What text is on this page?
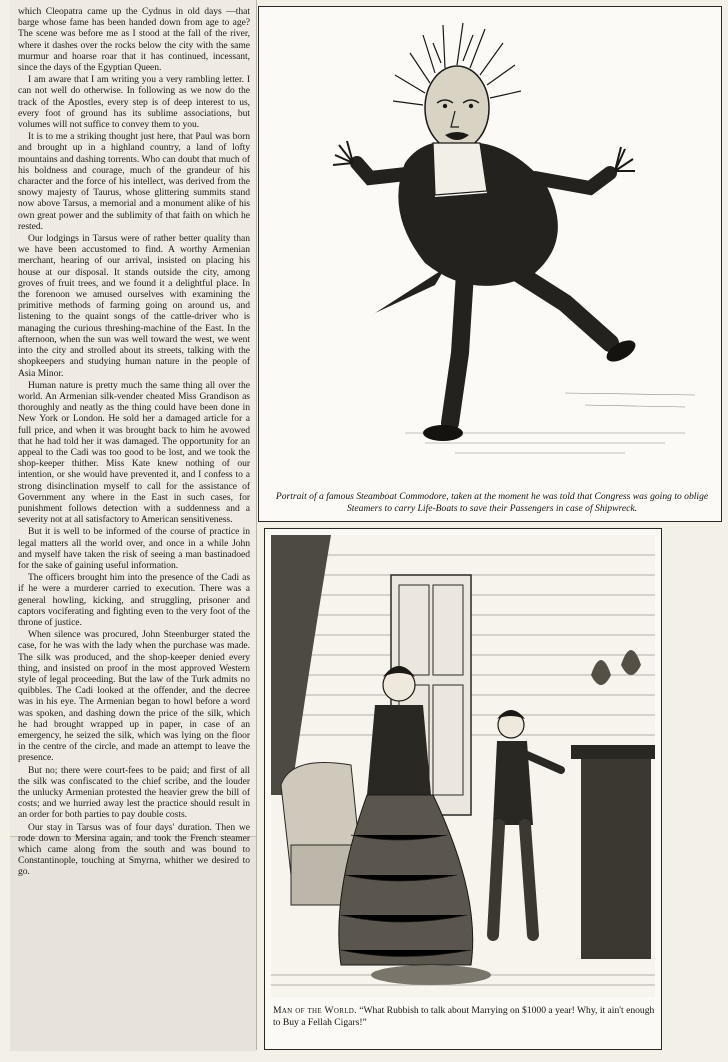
which Cleopatra came up the Cydnus in old days —that barge whose fame has been handed down from age to age? The scene was before me as I stood at the fall of the river, where it dashes over the rocks below the city with the same murmur and hoarse roar that it has continued, incessant, since the days of the Egyptian Queen.

I am aware that I am writing you a very rambling letter. I can not well do otherwise. In following as we now do the track of the Apostles, every step is of deep interest to us, every foot of ground has its sublime associations, but volumes will not suffice to convey them to you.

It is to me a striking thought just here, that Paul was born and brought up in a highland country, a land of lofty mountains and dashing torrents. Who can doubt that much of his boldness and courage, much of the grandeur of his character and the force of his intellect, was derived from the snowy majesty of Taurus, whose glittering summits stand now above Tarsus, a memorial and a monument alike of his own great power and the sublimity of that faith on which he rested.

Our lodgings in Tarsus were of rather better quality than we have been accustomed to find. A worthy Armenian merchant, hearing of our arrival, insisted on placing his house at our disposal. It stands outside the city, among groves of fruit trees, and we found it a delightful place. In the forenoon we amused ourselves with examining the primitive methods of farming going on around us, and listening to the quaint songs of the cattle-driver who is managing the curious threshing-machine of the East. In the afternoon, when the sun was well toward the west, we went into the city and strolled about its streets, talking with the shopkeepers and studying human nature in the people of Asia Minor.

Human nature is pretty much the same thing all over the world. An Armenian silk-vender cheated Miss Grandison as thoroughly and neatly as the thing could have been done in New York or London. He sold her a damaged article for a full price, and when it was brought back to him he avowed that he had told her it was damaged. The opportunity for an appeal to the Cadi was too good to be lost, and we took the shop-keeper thither. Miss Kate knew nothing of our intention, or she would have prevented it, and I confess to a strong disinclination myself to call for the assistance of Government any where in the East in such cases, for punishment follows detection with a suddenness and a severity not at all satisfactory to American sensitiveness.

But it is well to be informed of the course of practice in legal matters all the world over, and once in a while John and myself have taken the risk of seeing a man bastinadoed for the sake of gaining useful information.

The officers brought him into the presence of the Cadi as if he were a murderer carried to execution. There was a general howling, kicking, and struggling, prisoner and captors vociferating and fighting even to the very foot of the throne of justice.

When silence was procured, John Steenburger stated the case, for he was with the lady when the purchase was made. The silk was produced, and the shop-keeper denied every thing, and insisted on proof in the most approved Western style of legal proceeding. But the law of the Turk admits no quibbles. The Cadi looked at the offender, and the decree was in his eye. The Armenian began to howl before a word was spoken, and dashing down the price of the silk, which he had brought wrapped up in paper, in case of an emergency, he seized the silk, which was lying on the floor in the centre of the circle, and made an attempt to leave the presence.

But no; there were court-fees to be paid; and first of all the silk was confiscated to the chief scribe, and the louder the unlucky Armenian protested the heavier grew the bill of costs; and we hurried away lest the practice should result in an order for both parties to pay double costs.

Our stay in Tarsus was of four days' duration. Then we rode down to Mersina again, and took the French steamer which came along from the south and was bound to Constantinople, touching at Smyrna, whither we desired to go.

Portrait of a famous Steamboat Commodore, taken at the moment he was told that Congress was going to oblige Steamers to carry Life-Boats to save their Passengers in case of Shipwreck.
Man of the World. “What Rubbish to talk about Marrying on $1000 a year! Why, it ain't enough to Buy a Fellah Cigars!”
